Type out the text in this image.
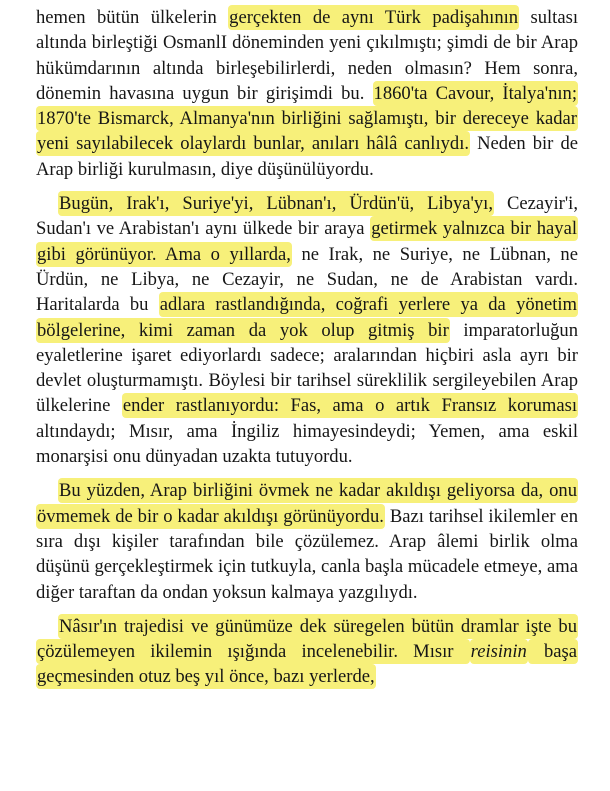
hemen bütün ülkelerin gerçekten de aynı Türk padişahının sultası altında birleştiği OsmanlI döneminden yeni çıkılmıştı; şimdi de bir Arap hükümdarının altında birleşebilirlerdi, neden olmasın? Hem sonra, dönemin havasına uygun bir girişimdi bu. 1860'ta Cavour, İtalya'nın; 1870'te Bismarck, Almanya'nın birliğini sağlamıştı, bir dereceye kadar yeni sayılabilecek olaylardı bunlar, anıları hâlâ canlıydı. Neden bir de Arap birliği kurulmasın, diye düşünülüyordu.

Bugün, Irak'ı, Suriye'yi, Lübnan'ı, Ürdün'ü, Libya'yı, Cezayir'i, Sudan'ı ve Arabistan'ı aynı ülkede bir araya getirmek yalnızca bir hayal gibi görünüyor. Ama o yıllarda, ne Irak, ne Suriye, ne Lübnan, ne Ürdün, ne Libya, ne Cezayir, ne Sudan, ne de Arabistan vardı. Haritalarda bu adlara rastlandığında, coğrafi yerlere ya da yönetim bölgelerine, kimi zaman da yok olup gitmiş bir imparatorluğun eyaletlerine işaret ediyorlardı sadece; aralarından hiçbiri asla ayrı bir devlet oluşturmamıştı. Böylesi bir tarihsel süreklilik sergileyebilen Arap ülkelerine ender rastlanıyordu: Fas, ama o artık Fransız koruması altındaydı; Mısır, ama İngiliz himayesindeydi; Yemen, ama eskil monarşisi onu dünyadan uzakta tutuyordu.

Bu yüzden, Arap birliğini övmek ne kadar akıldışı geliyorsa da, onu övmemek de bir o kadar akıldışı görünüyordu. Bazı tarihsel ikilemler en sıra dışı kişiler tarafından bile çözülemez. Arap âlemi birlik olma düşünü gerçekleştirmek için tutkuyla, canla başla mücadele etmeye, ama diğer taraftan da ondan yoksun kalmaya yazgılıydı.

Nâsır'ın trajedisi ve günümüze dek süregelen bütün dramlar işte bu çözülemeyen ikilemin ışığında incelenebilir. Mısır reisinin başa geçmesinden otuz beş yıl önce, bazı yerlerde,
